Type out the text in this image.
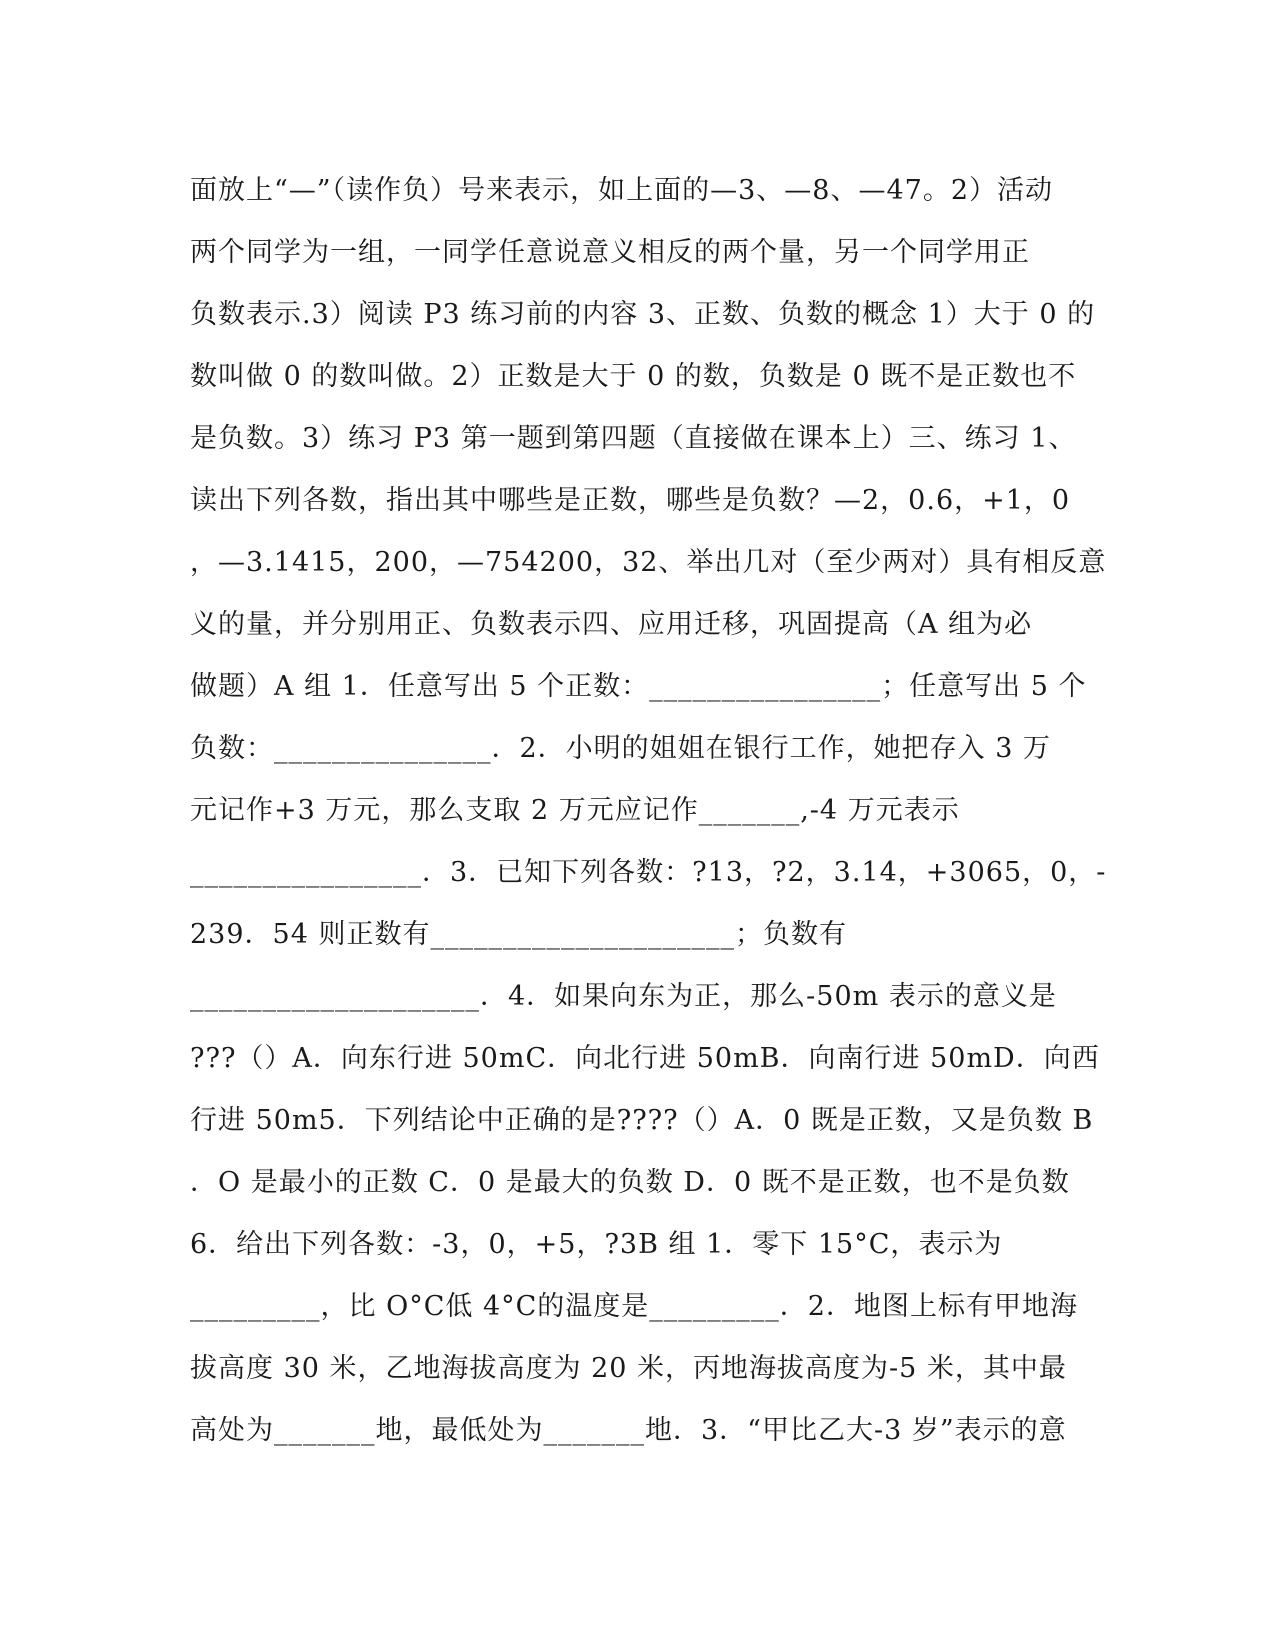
面放上“—”（读作负）号来表示，如上面的—3、—8、—47。2）活动
两个同学为一组，一同学任意说意义相反的两个量，另一个同学用正
负数表示.3）阅读 P3 练习前的内容 3、正数、负数的概念 1）大于 0 的
数叫做 0 的数叫做。2）正数是大于 0 的数，负数是 0 既不是正数也不
是负数。3）练习 P3 第一题到第四题（直接做在课本上）三、练习 1、
读出下列各数，指出其中哪些是正数，哪些是负数？—2，0.6，+1，0
，—3.1415，200，—754200，32、举出几对（至少两对）具有相反意
义的量，并分别用正、负数表示四、应用迁移，巩固提高（A 组为必
做题）A 组 1．任意写出 5 个正数：________________；任意写出 5 个
负数：_______________．2．小明的姐姐在银行工作，她把存入 3 万
元记作+3 万元，那么支取 2 万元应记作_______,-4 万元表示
________________．3．已知下列各数：?13，?2，3.14，+3065，0，-
239．54 则正数有_____________________；负数有
____________________．4．如果向东为正，那么-50m 表示的意义是
???（）A．向东行进 50mC．向北行进 50mB．向南行进 50mD．向西
行进 50m5．下列结论中正确的是????（）A．0 既是正数，又是负数 B
．O 是最小的正数 C．0 是最大的负数 D．0 既不是正数，也不是负数
6．给出下列各数：-3，0，+5，?3B 组 1．零下 15°C，表示为
_________，比 O°C低 4°C的温度是_________．2．地图上标有甲地海
拔高度 30 米，乙地海拔高度为 20 米，丙地海拔高度为-5 米，其中最
高处为_______地，最低处为_______地．3．“甲比乙大-3 岁”表示的意
